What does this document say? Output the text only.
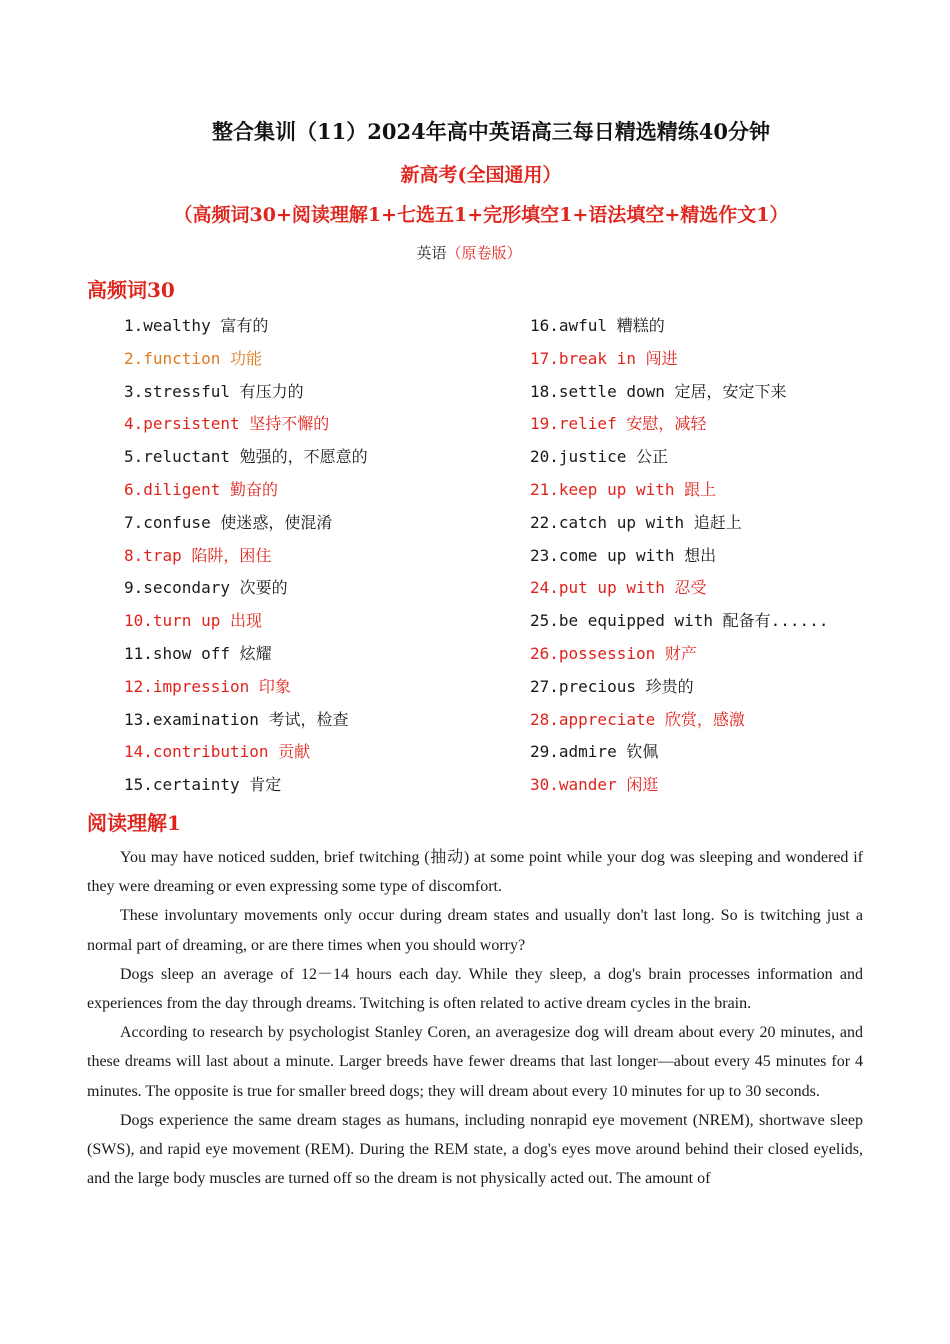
整合集训（11）2024年高中英语高三每日精选精练40分钟
新高考(全国通用）
（高频词30+阅读理解1+七选五1+完形填空1+语法填空+精选作文1）
英语（原卷版）
高频词30
1.wealthy 富有的
2.function 功能
3.stressful 有压力的
4.persistent 坚持不懈的
5.reluctant 勉强的，不愿意的
6.diligent 勤奋的
7.confuse 使迷惑，使混淆
8.trap 陷阱，困住
9.secondary 次要的
10.turn up 出现
11.show off 炫耀
12.impression 印象
13.examination 考试，检查
14.contribution 贡献
15.certainty 肯定
16.awful 糟糕的
17.break in 闯进
18.settle down 定居，安定下来
19.relief 安慰，减轻
20.justice 公正
21.keep up with 跟上
22.catch up with 追赶上
23.come up with 想出
24.put up with 忍受
25.be equipped with 配备有......
26.possession 财产
27.precious 珍贵的
28.appreciate 欣赏，感激
29.admire 钦佩
30.wander 闲逛
阅读理解1

You may have noticed sudden, brief twitching (抽动) at some point while your dog was sleeping and wondered if they were dreaming or even expressing some type of discomfort.

These involuntary movements only occur during dream states and usually don't last long. So is twitching just a normal part of dreaming, or are there times when you should worry?

Dogs sleep an average of 12－14 hours each day. While they sleep, a dog's brain processes information and experiences from the day through dreams. Twitching is often related to active dream cycles in the brain.

According to research by psychologist Stanley Coren, an averagesize dog will dream about every 20 minutes, and these dreams will last about a minute. Larger breeds have fewer dreams that last longer—about every 45 minutes for 4 minutes. The opposite is true for smaller breed dogs; they will dream about every 10 minutes for up to 30 seconds.

Dogs experience the same dream stages as humans, including nonrapid eye movement (NREM), shortwave sleep (SWS), and rapid eye movement (REM). During the REM state, a dog's eyes move around behind their closed eyelids, and the large body muscles are turned off so the dream is not physically acted out. The amount of
